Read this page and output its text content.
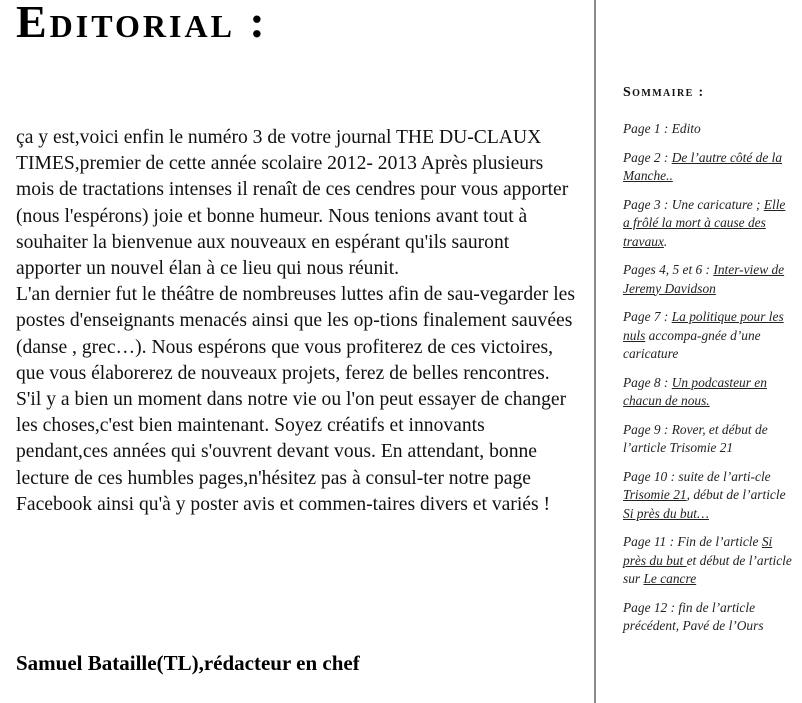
Editorial :
ça y est,voici enfin le numéro 3 de votre journal THE DU-CLAUX TIMES,premier de cette année scolaire 2012- 2013 Après plusieurs mois de tractations intenses il renaît de ces cendres pour vous apporter (nous l'espérons) joie et bonne humeur. Nous tenions avant tout à souhaiter la bienvenue aux nouveaux en espérant qu'ils sauront apporter un nouvel élan à ce lieu qui nous réunit.
L'an dernier fut le théâtre de nombreuses luttes afin de sau-vegarder les postes d'enseignants menacés ainsi que les op-tions finalement sauvées (danse , grec…). Nous espérons que vous profiterez de ces victoires, que vous élaborerez de nouveaux projets, ferez de belles rencontres. S'il y a bien un moment dans notre vie ou l'on peut essayer de changer les choses,c'est bien maintenant. Soyez créatifs et innovants pendant,ces années qui s'ouvrent devant vous. En attendant, bonne lecture de ces humbles pages,n'hésitez pas à consul-ter notre page Facebook ainsi qu'à y poster avis et commen-taires divers et variés !
Samuel Bataille(TL),rédacteur en chef
Sommaire :
Page 1 : Edito
Page 2 : De l’autre côté de la Manche..
Page 3 : Une caricature ; Elle a frôlé la mort à cause des travaux.
Pages 4, 5 et 6 : Inter-view de Jeremy Davidson
Page 7 : La politique pour les nuls accompa-gnée d’une caricature
Page 8 : Un podcasteur en chacun de nous.
Page 9 : Rover, et début de l’article Trisomie 21
Page 10 : suite de l’arti-cle Trisomie 21, début de l’article Si près du but…
Page 11 : Fin de l’article Si près du but et début de l’article sur Le cancre
Page 12 : fin de l’article précédent, Pavé de l’Ours
